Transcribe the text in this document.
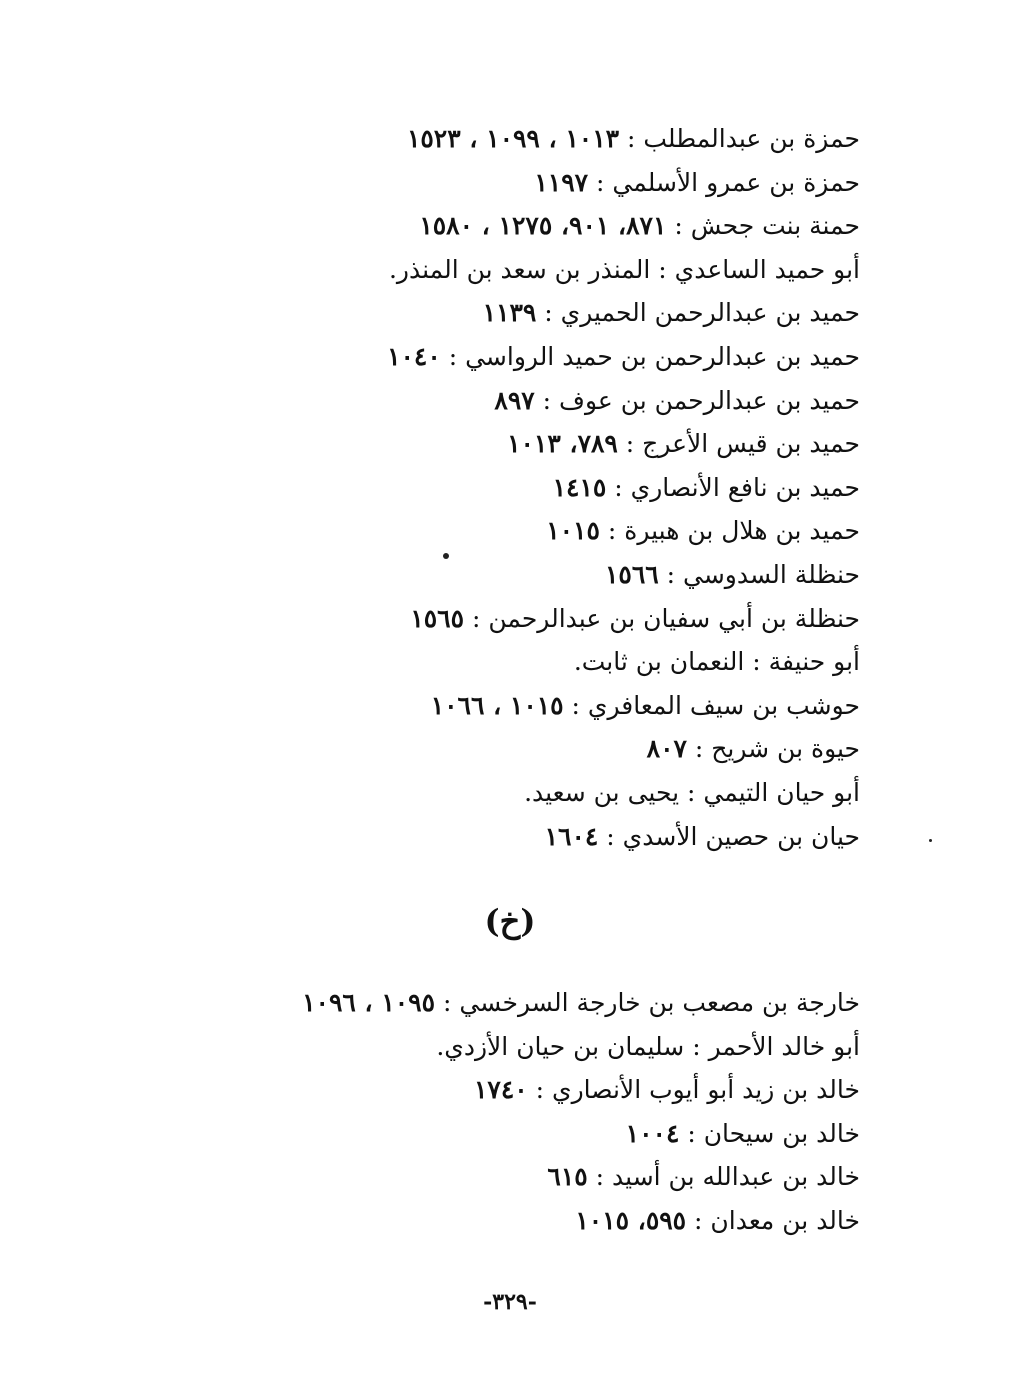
حمزة بن عبدالمطلب : ١٠١٣ ، ١٠٩٩ ، ١٥٢٣
حمزة بن عمرو الأسلمي : ١١٩٧
حمنة بنت جحش : ٨٧١، ٩٠١، ١٢٧٥ ، ١٥٨٠
أبو حميد الساعدي : المنذر بن سعد بن المنذر.
حميد بن عبدالرحمن الحميري : ١١٣٩
حميد بن عبدالرحمن بن حميد الرواسي : ١٠٤٠
حميد بن عبدالرحمن بن عوف : ٨٩٧
حميد بن قيس الأعرج : ٧٨٩، ١٠١٣
حميد بن نافع الأنصاري : ١٤١٥
حميد بن هلال بن هبيرة : ١٠١٥
حنظلة السدوسي : ١٥٦٦
حنظلة بن أبي سفيان بن عبدالرحمن : ١٥٦٥
أبو حنيفة : النعمان بن ثابت.
حوشب بن سيف المعافري : ١٠١٥ ، ١٠٦٦
حيوة بن شريح : ٨٠٧
أبو حيان التيمي : يحيى بن سعيد.
حيان بن حصين الأسدي : ١٦٠٤
(خ)
خارجة بن مصعب بن خارجة السرخسي : ١٠٩٥ ، ١٠٩٦
أبو خالد الأحمر : سليمان بن حيان الأزدي.
خالد بن زيد أبو أيوب الأنصاري : ١٧٤٠
خالد بن سيحان : ١٠٠٤
خالد بن عبدالله بن أسيد : ٦١٥
خالد بن معدان : ٥٩٥، ١٠١٥
-٣٢٩-
